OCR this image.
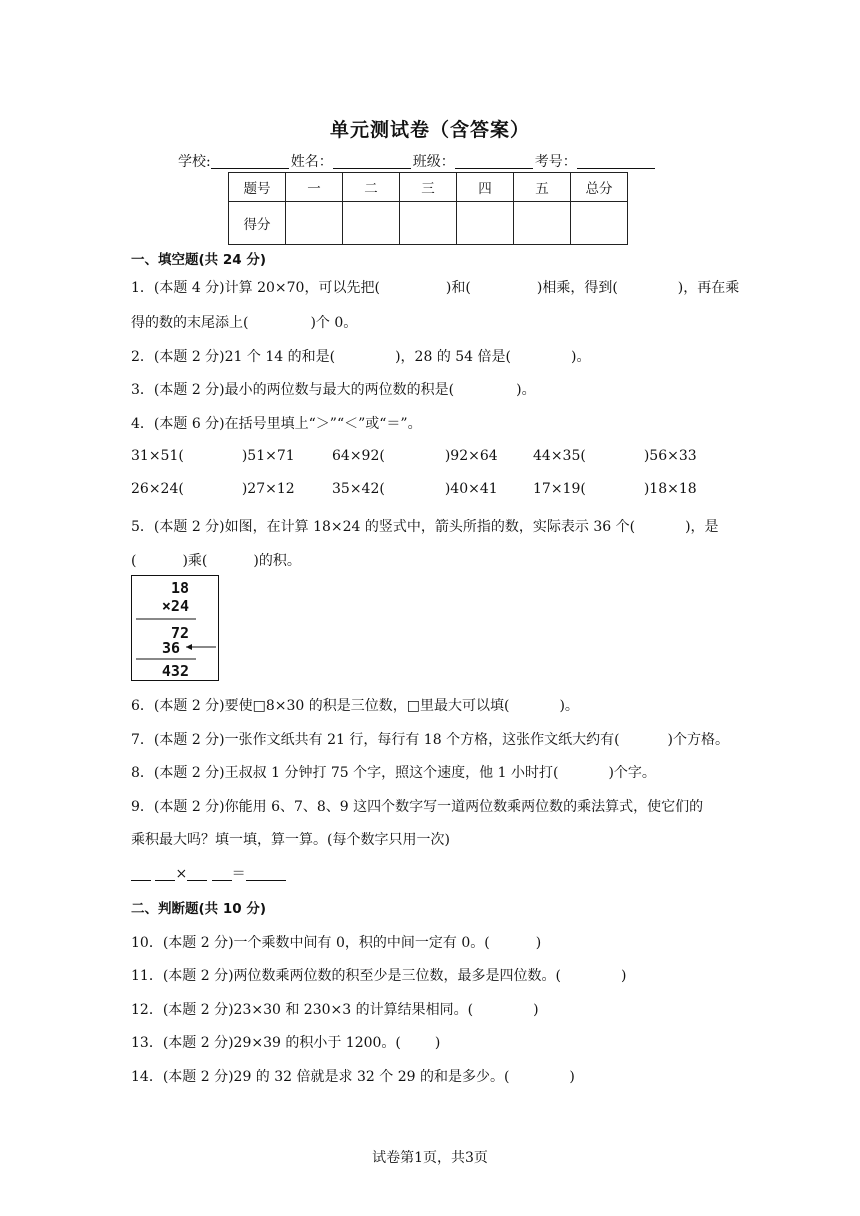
单元测试卷（含答案）
学校:	姓名：	班级：	考号：
题号	一	二	三	四	五	总分
得分						
一、填空题(共 24 分)
1．(本题 4 分)计算 20×70，可以先把(	)和(	)相乘，得到(	)，再在乘
得的数的末尾添上(	)个 0。
2．(本题 2 分)21 个 14 的和是(	)，28 的 54 倍是(	)。
3．(本题 2 分)最小的两位数与最大的两位数的积是(	)。
4．(本题 6 分)在括号里填上“＞”“＜”或“＝”。
31×51(	)51×71	64×92(	)92×64	44×35(	)56×33
26×24(	)27×12	35×42(	)40×41	17×19(	)18×18
5．(本题 2 分)如图，在计算 18×24 的竖式中，箭头所指的数，实际表示 36 个(	)，是
(	)乘(	)的积。
18
×24
72
36
432
6．(本题 2 分)要使□8×30 的积是三位数，□里最大可以填(	)。
7．(本题 2 分)一张作文纸共有 21 行，每行有 18 个方格，这张作文纸大约有(	)个方格。
8．(本题 2 分)王叔叔 1 分钟打 75 个字，照这个速度，他 1 小时打(	)个字。
9．(本题 2 分)你能用 6、7、8、9 这四个数字写一道两位数乘两位数的乘法算式，使它们的
乘积最大吗？填一填，算一算。(每个数字只用一次)
×	＝
二、判断题(共 10 分)
10．(本题 2 分)一个乘数中间有 0，积的中间一定有 0。(	)
11．(本题 2 分)两位数乘两位数的积至少是三位数，最多是四位数。(	)
12．(本题 2 分)23×30 和 230×3 的计算结果相同。(	)
13．(本题 2 分)29×39 的积小于 1200。( )
14．(本题 2 分)29 的 32 倍就是求 32 个 29 的和是多少。(	)
试卷第1页，共3页
